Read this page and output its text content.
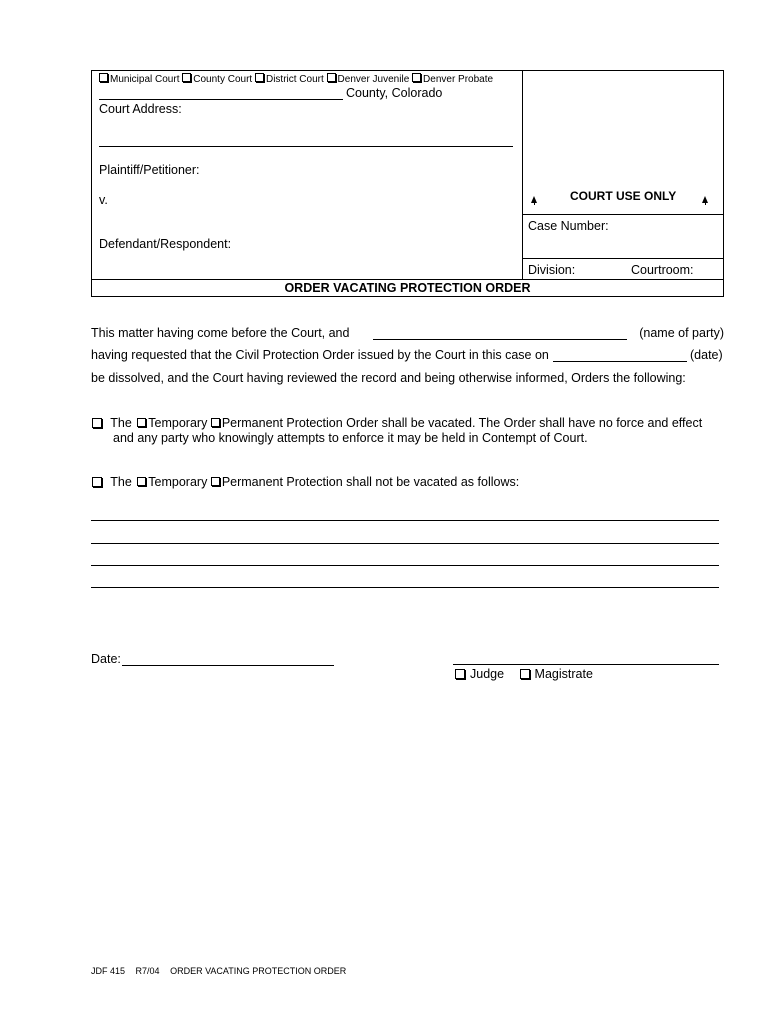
Municipal Court County Court District Court Denver Juvenile Denver Probate
County, Colorado
Court Address:
Plaintiff/Petitioner:
v.
Defendant/Respondent:
COURT USE ONLY
Case Number:
Division:	Courtroom:
ORDER VACATING PROTECTION ORDER
This matter having come before the Court, and	(name of party)
having requested that the Civil Protection Order issued by the Court in this case on	(date)
be dissolved, and the Court having reviewed the record and being otherwise informed, Orders the following:
The Temporary Permanent Protection Order shall be vacated. The Order shall have no force and effect
and any party who knowingly attempts to enforce it may be held in Contempt of Court.
The Temporary Permanent Protection shall not be vacated as follows:
Date:
Judge Magistrate
JDF 415 R7/04 ORDER VACATING PROTECTION ORDER
